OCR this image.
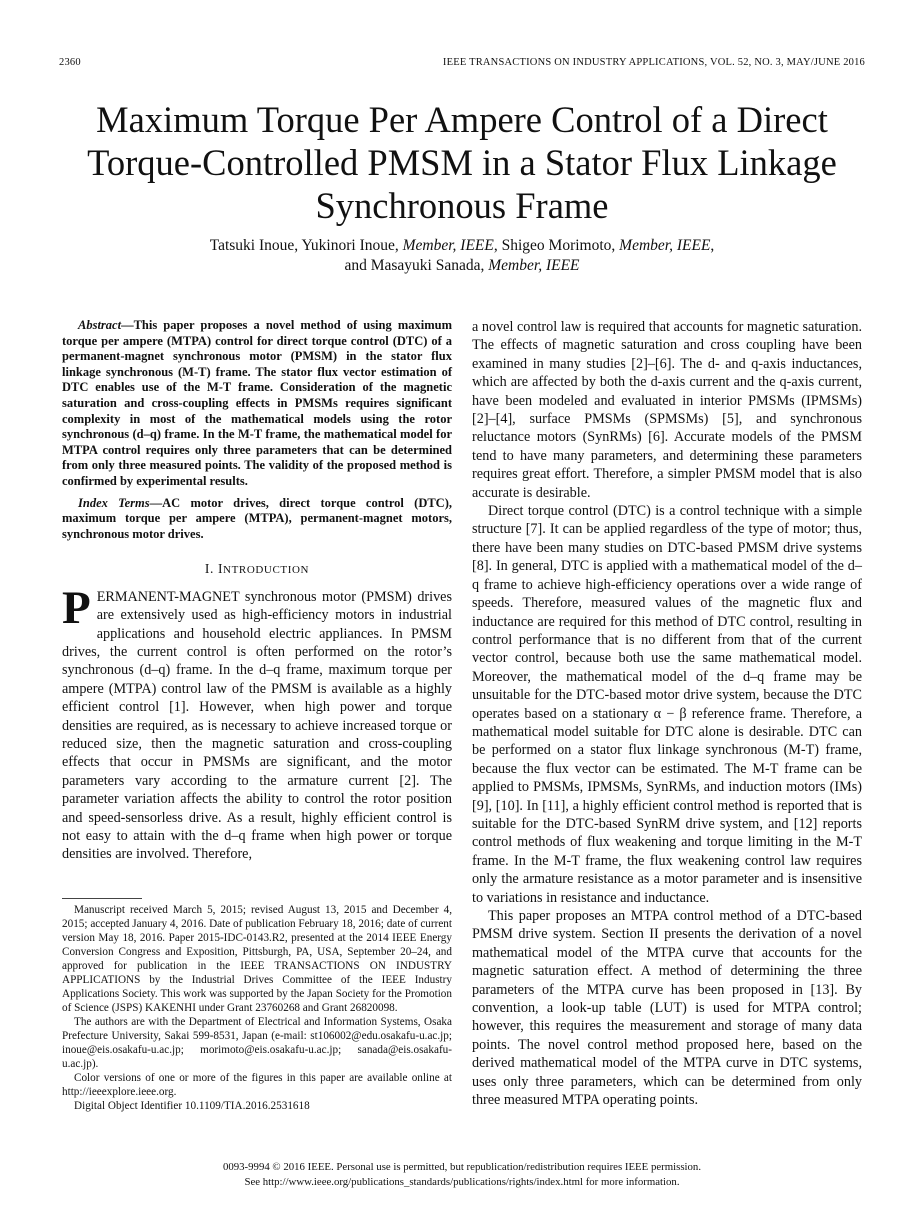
2360	IEEE TRANSACTIONS ON INDUSTRY APPLICATIONS, VOL. 52, NO. 3, MAY/JUNE 2016
Maximum Torque Per Ampere Control of a Direct Torque-Controlled PMSM in a Stator Flux Linkage Synchronous Frame
Tatsuki Inoue, Yukinori Inoue, Member, IEEE, Shigeo Morimoto, Member, IEEE,
and Masayuki Sanada, Member, IEEE

Abstract—This paper proposes a novel method of using maximum torque per ampere (MTPA) control for direct torque control (DTC) of a permanent-magnet synchronous motor (PMSM) in the stator flux linkage synchronous (M-T) frame. The stator flux vector estimation of DTC enables use of the M-T frame. Consideration of the magnetic saturation and cross-coupling effects in PMSMs requires significant complexity in most of the mathematical models using the rotor synchronous (d–q) frame. In the M-T frame, the mathematical model for MTPA control requires only three parameters that can be determined from only three measured points. The validity of the proposed method is confirmed by experimental results.

Index Terms—AC motor drives, direct torque control (DTC), maximum torque per ampere (MTPA), permanent-magnet motors, synchronous motor drives.

I. INTRODUCTION

PERMANENT-MAGNET synchronous motor (PMSM) drives are extensively used as high-efficiency motors in industrial applications and household electric appliances. In PMSM drives, the current control is often performed on the rotor’s synchronous (d–q) frame. In the d–q frame, maximum torque per ampere (MTPA) control law of the PMSM is available as a highly efficient control [1]. However, when high power and torque densities are required, as is necessary to achieve increased torque or reduced size, then the magnetic saturation and cross-coupling effects that occur in PMSMs are significant, and the motor parameters vary according to the armature current [2]. The parameter variation affects the ability to control the rotor position and speed-sensorless drive. As a result, highly efficient control is not easy to attain with the d–q frame when high power or torque densities are involved. Therefore,

Manuscript received March 5, 2015; revised August 13, 2015 and December 4, 2015; accepted January 4, 2016. Date of publication February 18, 2016; date of current version May 18, 2016. Paper 2015-IDC-0143.R2, presented at the 2014 IEEE Energy Conversion Congress and Exposition, Pittsburgh, PA, USA, September 20–24, and approved for publication in the IEEE TRANSACTIONS ON INDUSTRY APPLICATIONS by the Industrial Drives Committee of the IEEE Industry Applications Society. This work was supported by the Japan Society for the Promotion of Science (JSPS) KAKENHI under Grant 23760268 and Grant 26820098.

The authors are with the Department of Electrical and Information Systems, Osaka Prefecture University, Sakai 599-8531, Japan (e-mail: st106002@edu.osakafu-u.ac.jp; inoue@eis.osakafu-u.ac.jp; morimoto@eis.osakafu-u.ac.jp; sanada@eis.osakafu-u.ac.jp).

Color versions of one or more of the figures in this paper are available online at http://ieeexplore.ieee.org.

Digital Object Identifier 10.1109/TIA.2016.2531618

a novel control law is required that accounts for magnetic saturation. The effects of magnetic saturation and cross coupling have been examined in many studies [2]–[6]. The d- and q-axis inductances, which are affected by both the d-axis current and the q-axis current, have been modeled and evaluated in interior PMSMs (IPMSMs) [2]–[4], surface PMSMs (SPMSMs) [5], and synchronous reluctance motors (SynRMs) [6]. Accurate models of the PMSM tend to have many parameters, and determining these parameters requires great effort. Therefore, a simpler PMSM model that is also accurate is desirable.

Direct torque control (DTC) is a control technique with a simple structure [7]. It can be applied regardless of the type of motor; thus, there have been many studies on DTC-based PMSM drive systems [8]. In general, DTC is applied with a mathematical model of the d–q frame to achieve high-efficiency operations over a wide range of speeds. Therefore, measured values of the magnetic flux and inductance are required for this method of DTC control, resulting in control performance that is no different from that of the current vector control, because both use the same mathematical model. Moreover, the mathematical model of the d–q frame may be unsuitable for the DTC-based motor drive system, because the DTC operates based on a stationary α − β reference frame. Therefore, a mathematical model suitable for DTC alone is desirable. DTC can be performed on a stator flux linkage synchronous (M-T) frame, because the flux vector can be estimated. The M-T frame can be applied to PMSMs, IPMSMs, SynRMs, and induction motors (IMs) [9], [10]. In [11], a highly efficient control method is reported that is suitable for the DTC-based SynRM drive system, and [12] reports control methods of flux weakening and torque limiting in the M-T frame. In the M-T frame, the flux weakening control law requires only the armature resistance as a motor parameter and is insensitive to variations in resistance and inductance.

This paper proposes an MTPA control method of a DTC-based PMSM drive system. Section II presents the derivation of a novel mathematical model of the MTPA curve that accounts for the magnetic saturation effect. A method of determining the three parameters of the MTPA curve has been proposed in [13]. By convention, a look-up table (LUT) is used for MTPA control; however, this requires the measurement and storage of many data points. The novel control method proposed here, based on the derived mathematical model of the MTPA curve in DTC systems, uses only three parameters, which can be determined from only three measured MTPA operating points.

0093-9994 © 2016 IEEE. Personal use is permitted, but republication/redistribution requires IEEE permission.
See http://www.ieee.org/publications_standards/publications/rights/index.html for more information.
